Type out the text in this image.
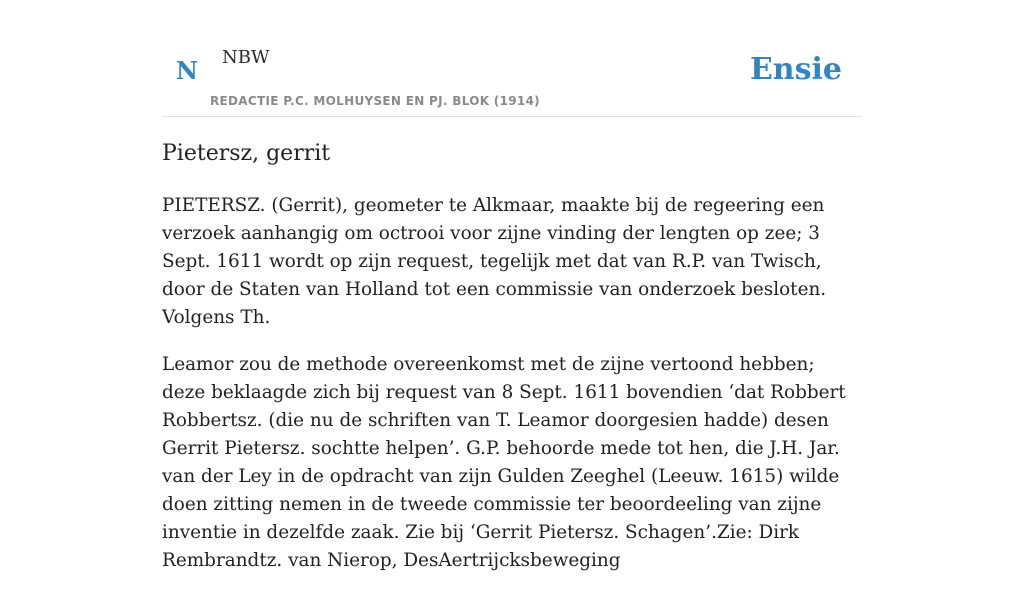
N NBW
REDACTIE P.C. MOLHUYSEN EN PJ. BLOK (1914)
Ensie
Pietersz, gerrit

PIETERSZ. (Gerrit), geometer te Alkmaar, maakte bij de regeering een verzoek aanhangig om octrooi voor zijne vinding der lengten op zee; 3 Sept. 1611 wordt op zijn request, tegelijk met dat van R.P. van Twisch, door de Staten van Holland tot een commissie van onderzoek besloten. Volgens Th.

Leamor zou de methode overeenkomst met de zijne vertoond hebben; deze beklaagde zich bij request van 8 Sept. 1611 bovendien ‘dat Robbert Robbertsz. (die nu de schriften van T. Leamor doorgesien hadde) desen Gerrit Pietersz. sochtte helpen’. G.P. behoorde mede tot hen, die J.H. Jar. van der Ley in de opdracht van zijn Gulden Zeeghel (Leeuw. 1615) wilde doen zitting nemen in de tweede commissie ter beoordeeling van zijne inventie in dezelfde zaak. Zie bij ‘Gerrit Pietersz. Schagen’.Zie: Dirk Rembrandtz. van Nierop, DesAertrijcksbeweging
